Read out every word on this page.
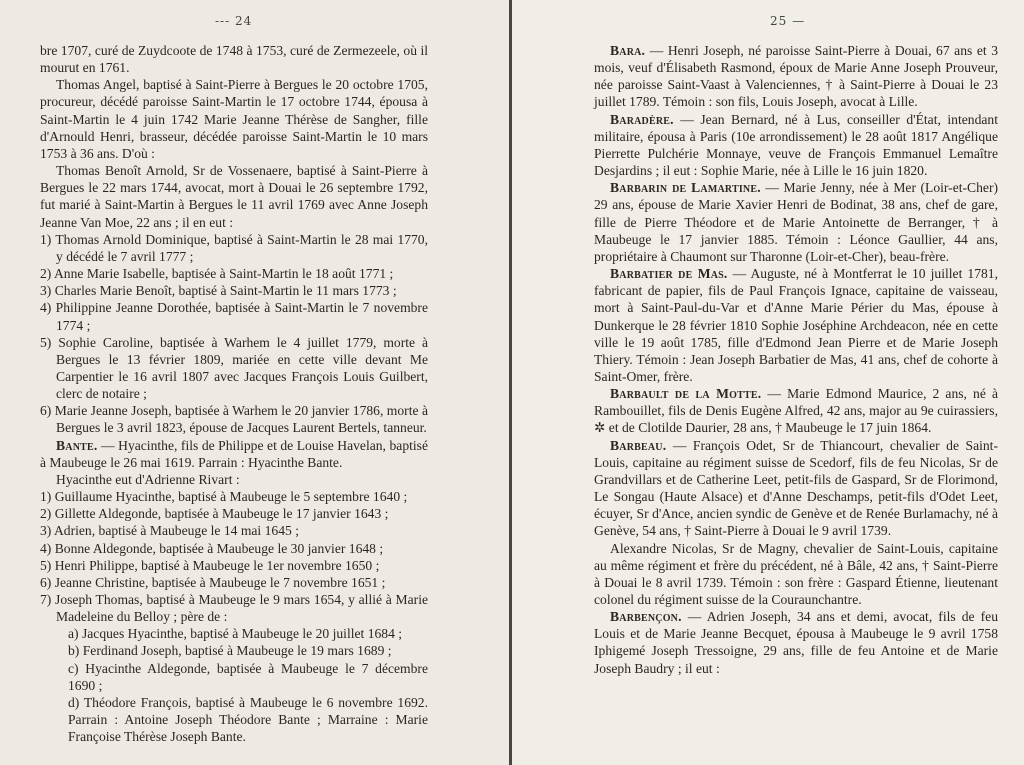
--- 24

bre 1707, curé de Zuydcoote de 1748 à 1753, curé de Zermezeele, où il mourut en 1761.

Thomas Angel, baptisé à Saint-Pierre à Bergues le 20 octobre 1705, procureur, décédé paroisse Saint-Martin le 17 octobre 1744, épousa à Saint-Martin le 4 juin 1742 Marie Jeanne Thérèse de Sangher, fille d'Arnould Henri, brasseur, décédée paroisse Saint-Martin le 10 mars 1753 à 36 ans. D'où :

Thomas Benoît Arnold, Sr de Vossenaere, baptisé à Saint-Pierre à Bergues le 22 mars 1744, avocat, mort à Douai le 26 septembre 1792, fut marié à Saint-Martin à Bergues le 11 avril 1769 avec Anne Joseph Jeanne Van Moe, 22 ans ; il en eut :

1) Thomas Arnold Dominique, baptisé à Saint-Martin le 28 mai 1770, y décédé le 7 avril 1777 ;

2) Anne Marie Isabelle, baptisée à Saint-Martin le 18 août 1771 ;

3) Charles Marie Benoît, baptisé à Saint-Martin le 11 mars 1773 ;

4) Philippine Jeanne Dorothée, baptisée à Saint-Martin le 7 novembre 1774 ;

5) Sophie Caroline, baptisée à Warhem le 4 juillet 1779, morte à Bergues le 13 février 1809, mariée en cette ville devant Me Carpentier le 16 avril 1807 avec Jacques François Louis Guilbert, clerc de notaire ;

6) Marie Jeanne Joseph, baptisée à Warhem le 20 janvier 1786, morte à Bergues le 3 avril 1823, épouse de Jacques Laurent Bertels, tanneur.

Bante. — Hyacinthe, fils de Philippe et de Louise Havelan, baptisé à Maubeuge le 26 mai 1619. Parrain : Hyacinthe Bante.

Hyacinthe eut d'Adrienne Rivart :

1) Guillaume Hyacinthe, baptisé à Maubeuge le 5 septembre 1640 ;

2) Gillette Aldegonde, baptisée à Maubeuge le 17 janvier 1643 ;

3) Adrien, baptisé à Maubeuge le 14 mai 1645 ;

4) Bonne Aldegonde, baptisée à Maubeuge le 30 janvier 1648 ;

5) Henri Philippe, baptisé à Maubeuge le 1er novembre 1650 ;

6) Jeanne Christine, baptisée à Maubeuge le 7 novembre 1651 ;

7) Joseph Thomas, baptisé à Maubeuge le 9 mars 1654, y allié à Marie Madeleine du Belloy ; père de :

a) Jacques Hyacinthe, baptisé à Maubeuge le 20 juillet 1684 ;

b) Ferdinand Joseph, baptisé à Maubeuge le 19 mars 1689 ;

c) Hyacinthe Aldegonde, baptisée à Maubeuge le 7 décembre 1690 ;

d) Théodore François, baptisé à Maubeuge le 6 novembre 1692. Parrain : Antoine Joseph Théodore Bante ; Marraine : Marie Françoise Thérèse Joseph Bante.

25 —

Bara. — Henri Joseph, né paroisse Saint-Pierre à Douai, 67 ans et 3 mois, veuf d'Élisabeth Rasmond, époux de Marie Anne Joseph Prouveur, née paroisse Saint-Vaast à Valenciennes, † à Saint-Pierre à Douai le 23 juillet 1789. Témoin : son fils, Louis Joseph, avocat à Lille.

Baradère. — Jean Bernard, né à Lus, conseiller d'État, intendant militaire, épousa à Paris (10e arrondissement) le 28 août 1817 Angélique Pierrette Pulchérie Monnaye, veuve de François Emmanuel Lemaître Desjardins ; il eut : Sophie Marie, née à Lille le 16 juin 1820.

Barbarin de Lamartine. — Marie Jenny, née à Mer (Loir-et-Cher) 29 ans, épouse de Marie Xavier Henri de Bodinat, 38 ans, chef de gare, fille de Pierre Théodore et de Marie Antoinette de Berranger, † à Maubeuge le 17 janvier 1885. Témoin : Léonce Gaullier, 44 ans, propriétaire à Chaumont sur Tharonne (Loir-et-Cher), beau-frère.

Barbatier de Mas. — Auguste, né à Montferrat le 10 juillet 1781, fabricant de papier, fils de Paul François Ignace, capitaine de vaisseau, mort à Saint-Paul-du-Var et d'Anne Marie Périer du Mas, épouse à Dunkerque le 28 février 1810 Sophie Joséphine Archdeacon, née en cette ville le 19 août 1785, fille d'Edmond Jean Pierre et de Marie Joseph Thiery. Témoin : Jean Joseph Barbatier de Mas, 41 ans, chef de cohorte à Saint-Omer, frère.

Barbault de la Motte. — Marie Edmond Maurice, 2 ans, né à Rambouillet, fils de Denis Eugène Alfred, 42 ans, major au 9e cuirassiers, ✲ et de Clotilde Daurier, 28 ans, † Maubeuge le 17 juin 1864.

Barbeau. — François Odet, Sr de Thiancourt, chevalier de Saint-Louis, capitaine au régiment suisse de Scedorf, fils de feu Nicolas, Sr de Grandvillars et de Catherine Leet, petit-fils de Gaspard, Sr de Florimond, Le Songau (Haute Alsace) et d'Anne Deschamps, petit-fils d'Odet Leet, écuyer, Sr d'Ance, ancien syndic de Genève et de Renée Burlamachy, né à Genève, 54 ans, † Saint-Pierre à Douai le 9 avril 1739.

Alexandre Nicolas, Sr de Magny, chevalier de Saint-Louis, capitaine au même régiment et frère du précédent, né à Bâle, 42 ans, † Saint-Pierre à Douai le 8 avril 1739. Témoin : son frère : Gaspard Étienne, lieutenant colonel du régiment suisse de la Couraunchantre.

Barbençon. — Adrien Joseph, 34 ans et demi, avocat, fils de feu Louis et de Marie Jeanne Becquet, épousa à Maubeuge le 9 avril 1758 Iphigemé Joseph Tressoigne, 29 ans, fille de feu Antoine et de Marie Joseph Baudry ; il eut :
